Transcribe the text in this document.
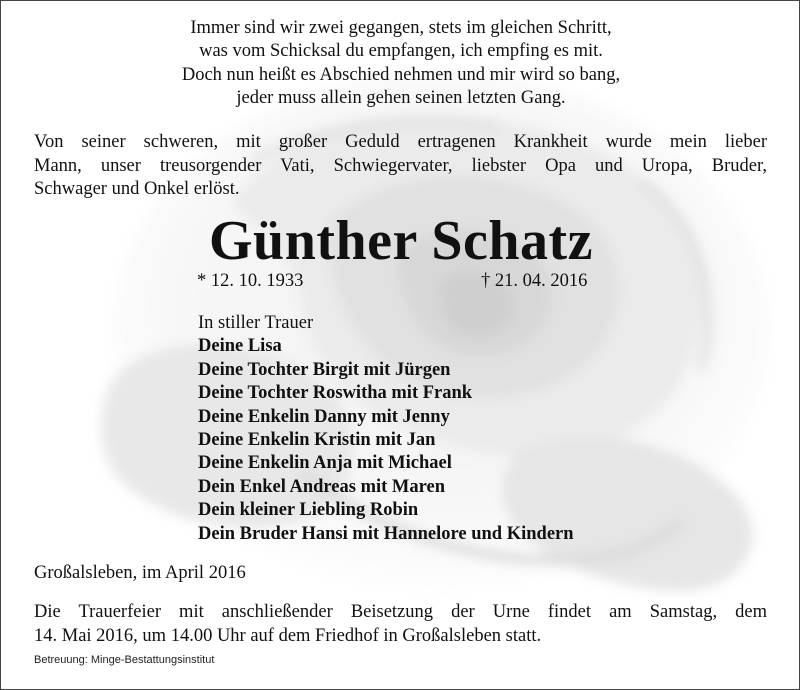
Immer sind wir zwei gegangen, stets im gleichen Schritt,
was vom Schicksal du empfangen, ich empfing es mit.
Doch nun heißt es Abschied nehmen und mir wird so bang,
jeder muss allein gehen seinen letzten Gang.
Von seiner schweren, mit großer Geduld ertragenen Krankheit wurde mein lieber
Mann, unser treusorgender Vati, Schwiegervater, liebster Opa und Uropa, Bruder,
Schwager und Onkel erlöst.
Günther Schatz
* 12. 10. 1933	† 21. 04. 2016
In stiller Trauer
Deine Lisa
Deine Tochter Birgit mit Jürgen
Deine Tochter Roswitha mit Frank
Deine Enkelin Danny mit Jenny
Deine Enkelin Kristin mit Jan
Deine Enkelin Anja mit Michael
Dein Enkel Andreas mit Maren
Dein kleiner Liebling Robin
Dein Bruder Hansi mit Hannelore und Kindern
Großalsleben, im April 2016
Die Trauerfeier mit anschließender Beisetzung der Urne findet am Samstag, dem
14. Mai 2016, um 14.00 Uhr auf dem Friedhof in Großalsleben statt.
Betreuung: Minge-Bestattungsinstitut
